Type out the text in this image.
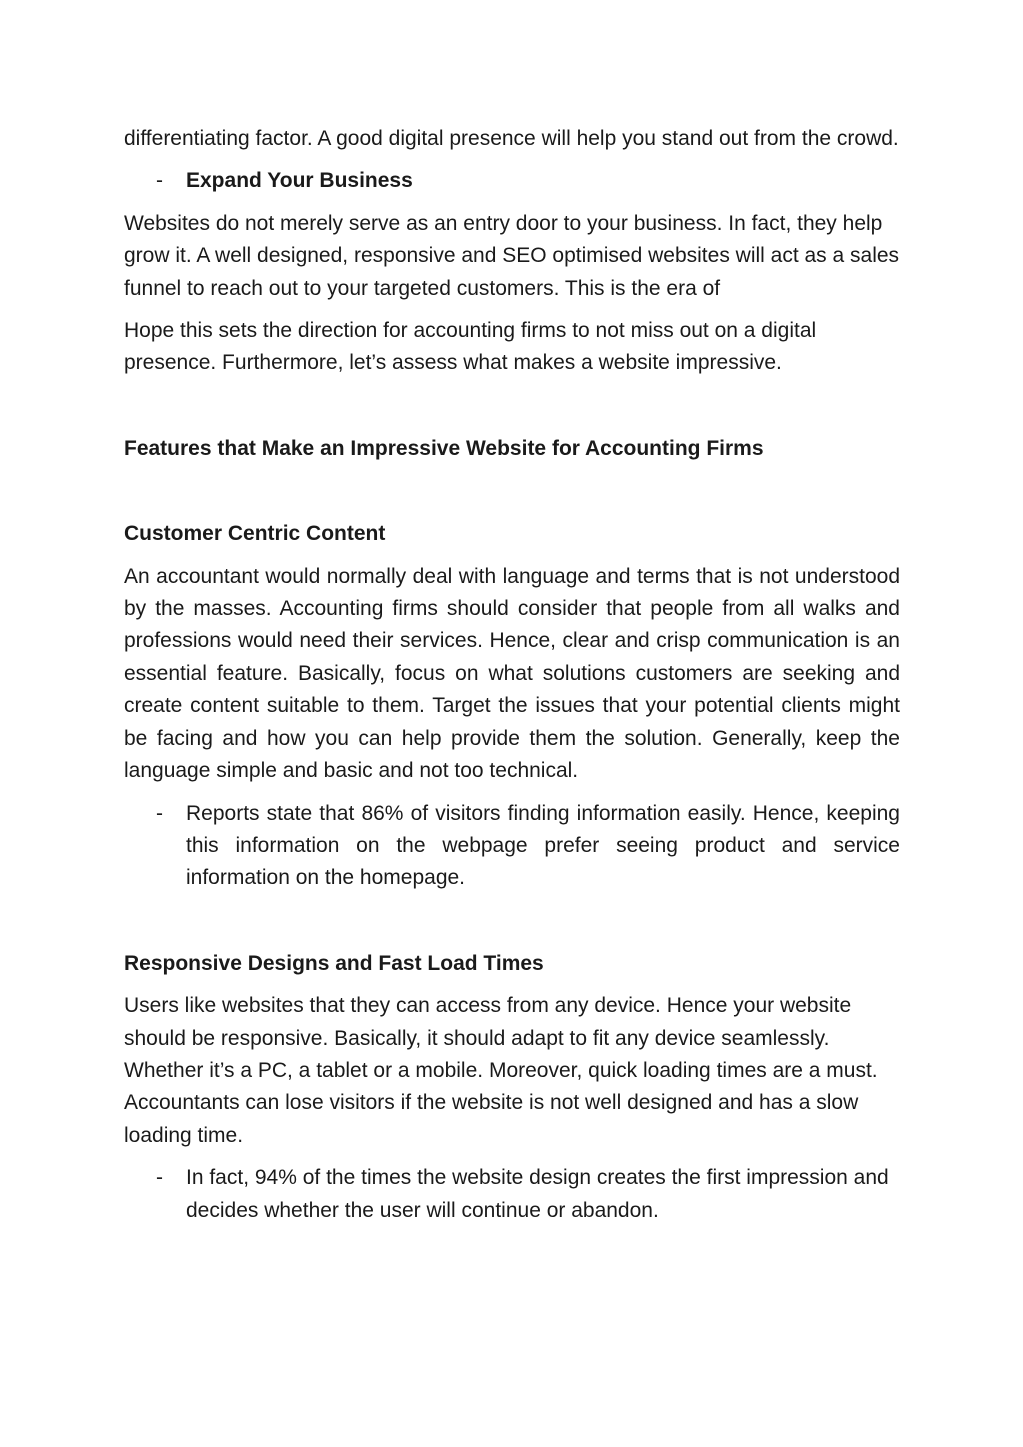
differentiating factor. A good digital presence will help you stand out from the crowd.

- Expand Your Business

Websites do not merely serve as an entry door to your business. In fact, they help grow it. A well designed, responsive and SEO optimised websites will act as a sales funnel to reach out to your targeted customers. This is the era of

Hope this sets the direction for accounting firms to not miss out on a digital presence. Furthermore, let’s assess what makes a website impressive.

Features that Make an Impressive Website for Accounting Firms

Customer Centric Content

An accountant would normally deal with language and terms that is not understood by the masses. Accounting firms should consider that people from all walks and professions would need their services. Hence, clear and crisp communication is an essential feature. Basically, focus on what solutions customers are seeking and create content suitable to them. Target the issues that your potential clients might be facing and how you can help provide them the solution. Generally, keep the language simple and basic and not too technical.

- Reports state that 86% of visitors finding information easily. Hence, keeping this information on the webpage prefer seeing product and service information on the homepage.

Responsive Designs and Fast Load Times

Users like websites that they can access from any device. Hence your website should be responsive. Basically, it should adapt to fit any device seamlessly. Whether it’s a PC, a tablet or a mobile. Moreover, quick loading times are a must. Accountants can lose visitors if the website is not well designed and has a slow loading time.

- In fact, 94% of the times the website design creates the first impression and decides whether the user will continue or abandon.
